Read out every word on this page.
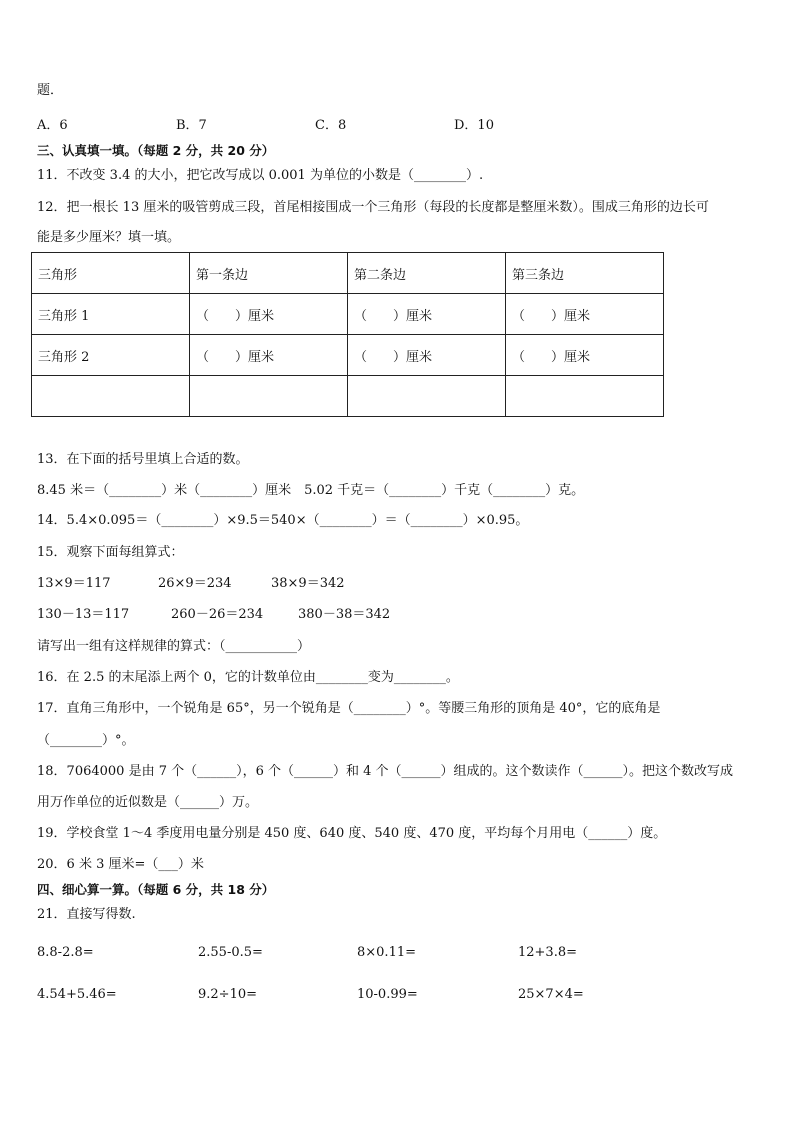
题．
A．6	B．7	C．8	D．10
三、认真填一填。（每题 2 分，共 20 分）
11．不改变 3.4 的大小，把它改写成以 0.001 为单位的小数是（________）.
12．把一根长 13 厘米的吸管剪成三段，首尾相接围成一个三角形（每段的长度都是整厘米数）。围成三角形的边长可
能是多少厘米？填一填。
三角形	第一条边	第二条边	第三条边
三角形 1	（　　）厘米	（　　）厘米	（　　）厘米
三角形 2	（　　）厘米	（　　）厘米	（　　）厘米

13．在下面的括号里填上合适的数。
8.45 米＝（________）米（________）厘米　5.02 千克＝（________）千克（________）克。
14．5.4×0.095＝（________）×9.5＝540×（________）＝（________）×0.95。
15．观察下面每组算式：
13×9＝117	26×9＝234	38×9＝342
130－13＝117	260－26＝234	380－38＝342
请写出一组有这样规律的算式：（___________）
16．在 2.5 的末尾添上两个 0，它的计数单位由________变为________。
17．直角三角形中，一个锐角是 65°，另一个锐角是（________）°。等腰三角形的顶角是 40°，它的底角是
（________）°。
18．7064000 是由 7 个（______），6 个（______）和 4 个（______）组成的。这个数读作（______）。把这个数改写成
用万作单位的近似数是（______）万。
19．学校食堂 1～4 季度用电量分别是 450 度、640 度、540 度、470 度，平均每个月用电（______）度。
20．6 米 3 厘米=（___）米
四、细心算一算。（每题 6 分，共 18 分）
21．直接写得数.
8.8-2.8=	2.55-0.5=	8×0.11=	12+3.8=
4.54+5.46=	9.2÷10=	10-0.99=	25×7×4=
